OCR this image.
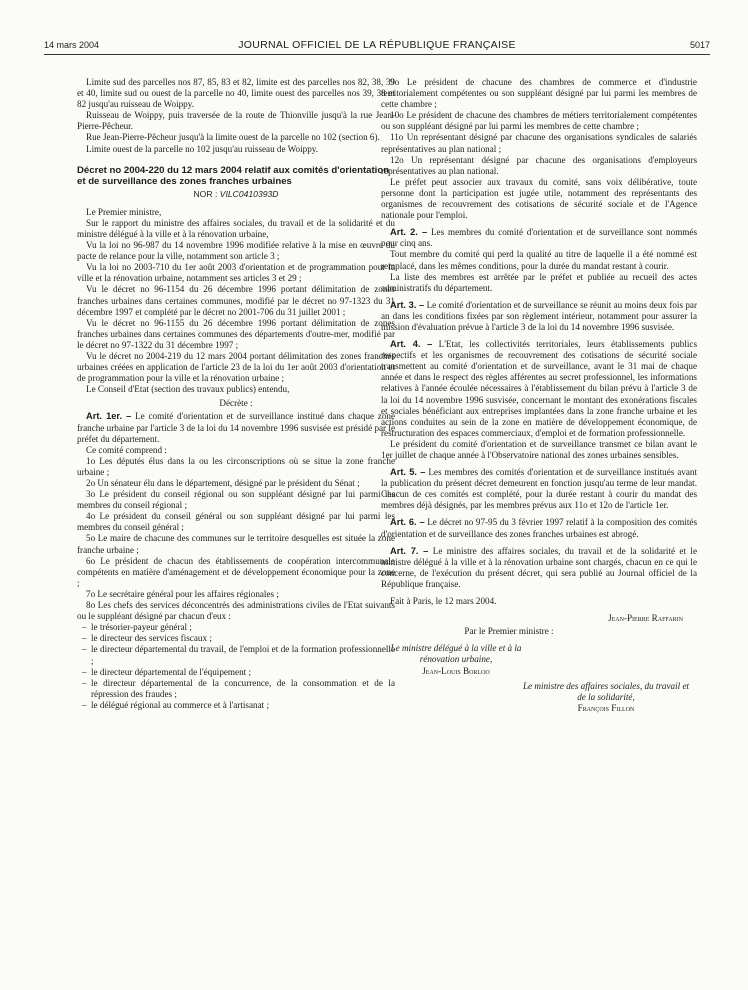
14 mars 2004	JOURNAL OFFICIEL DE LA RÉPUBLIQUE FRANÇAISE	5017

Limite sud des parcelles nos 87, 85, 83 et 82, limite est des parcelles nos 82, 38, 39 et 40, limite sud ou ouest de la parcelle no 40, limite ouest des parcelles nos 39, 38 et 82 jusqu'au ruisseau de Woippy.

Ruisseau de Woippy, puis traversée de la route de Thionville jusqu'à la rue Jean-Pierre-Pêcheur.

Rue Jean-Pierre-Pêcheur jusqu'à la limite ouest de la parcelle no 102 (section 6).

Limite ouest de la parcelle no 102 jusqu'au ruisseau de Woippy.

Décret no 2004-220 du 12 mars 2004 relatif aux comités d'orientation et de surveillance des zones franches urbaines

NOR : VILC0410393D

Le Premier ministre,

Sur le rapport du ministre des affaires sociales, du travail et de la solidarité et du ministre délégué à la ville et à la rénovation urbaine,

Vu la loi no 96-987 du 14 novembre 1996 modifiée relative à la mise en œuvre du pacte de relance pour la ville, notamment son article 3 ;

Vu la loi no 2003-710 du 1er août 2003 d'orientation et de programmation pour la ville et la rénovation urbaine, notamment ses articles 3 et 29 ;

Vu le décret no 96-1154 du 26 décembre 1996 portant délimitation de zones franches urbaines dans certaines communes, modifié par le décret no 97-1323 du 31 décembre 1997 et complété par le décret no 2001-706 du 31 juillet 2001 ;

Vu le décret no 96-1155 du 26 décembre 1996 portant délimitation de zones franches urbaines dans certaines communes des départements d'outre-mer, modifié par le décret no 97-1322 du 31 décembre 1997 ;

Vu le décret no 2004-219 du 12 mars 2004 portant délimitation des zones franches urbaines créées en application de l'article 23 de la loi du 1er août 2003 d'orientation et de programmation pour la ville et la rénovation urbaine ;

Le Conseil d'Etat (section des travaux publics) entendu,

Décrète :

Art. 1er. – Le comité d'orientation et de surveillance institué dans chaque zone franche urbaine par l'article 3 de la loi du 14 novembre 1996 susvisée est présidé par le préfet du département.

Ce comité comprend :

1o Les députés élus dans la ou les circonscriptions où se situe la zone franche urbaine ;

2o Un sénateur élu dans le département, désigné par le président du Sénat ;

3o Le président du conseil régional ou son suppléant désigné par lui parmi les membres du conseil régional ;

4o Le président du conseil général ou son suppléant désigné par lui parmi les membres du conseil général ;

5o Le maire de chacune des communes sur le territoire desquelles est située la zone franche urbaine ;

6o Le président de chacun des établissements de coopération intercommunale compétents en matière d'aménagement et de développement économique pour la zone ;

7o Le secrétaire général pour les affaires régionales ;

8o Les chefs des services déconcentrés des administrations civiles de l'Etat suivants ou le suppléant désigné par chacun d'eux :

– le trésorier-payeur général ;

– le directeur des services fiscaux ;

– le directeur départemental du travail, de l'emploi et de la formation professionnelle ;

– le directeur départemental de l'équipement ;

– le directeur départemental de la concurrence, de la consommation et de la répression des fraudes ;

– le délégué régional au commerce et à l'artisanat ;

9o Le président de chacune des chambres de commerce et d'industrie territorialement compétentes ou son suppléant désigné par lui parmi les membres de cette chambre ;

10o Le président de chacune des chambres de métiers territorialement compétentes ou son suppléant désigné par lui parmi les membres de cette chambre ;

11o Un représentant désigné par chacune des organisations syndicales de salariés représentatives au plan national ;

12o Un représentant désigné par chacune des organisations d'employeurs représentatives au plan national.

Le préfet peut associer aux travaux du comité, sans voix délibérative, toute personne dont la participation est jugée utile, notamment des représentants des organismes de recouvrement des cotisations de sécurité sociale et de l'Agence nationale pour l'emploi.

Art. 2. – Les membres du comité d'orientation et de surveillance sont nommés pour cinq ans.

Tout membre du comité qui perd la qualité au titre de laquelle il a été nommé est remplacé, dans les mêmes conditions, pour la durée du mandat restant à courir.

La liste des membres est arrêtée par le préfet et publiée au recueil des actes administratifs du département.

Art. 3. – Le comité d'orientation et de surveillance se réunit au moins deux fois par an dans les conditions fixées par son règlement intérieur, notamment pour assurer la mission d'évaluation prévue à l'article 3 de la loi du 14 novembre 1996 susvisée.

Art. 4. – L'Etat, les collectivités territoriales, leurs établissements publics respectifs et les organismes de recouvrement des cotisations de sécurité sociale transmettent au comité d'orientation et de surveillance, avant le 31 mai de chaque année et dans le respect des règles afférentes au secret professionnel, les informations relatives à l'année écoulée nécessaires à l'établissement du bilan prévu à l'article 3 de la loi du 14 novembre 1996 susvisée, concernant le montant des exonérations fiscales et sociales bénéficiant aux entreprises implantées dans la zone franche urbaine et les actions conduites au sein de la zone en matière de développement économique, de restructuration des espaces commerciaux, d'emploi et de formation professionnelle.

Le président du comité d'orientation et de surveillance transmet ce bilan avant le 1er juillet de chaque année à l'Observatoire national des zones urbaines sensibles.

Art. 5. – Les membres des comités d'orientation et de surveillance institués avant la publication du présent décret demeurent en fonction jusqu'au terme de leur mandat. Chacun de ces comités est complété, pour la durée restant à courir du mandat des membres déjà désignés, par les membres prévus aux 11o et 12o de l'article 1er.

Art. 6. – Le décret no 97-95 du 3 février 1997 relatif à la composition des comités d'orientation et de surveillance des zones franches urbaines est abrogé.

Art. 7. – Le ministre des affaires sociales, du travail et de la solidarité et le ministre délégué à la ville et à la rénovation urbaine sont chargés, chacun en ce qui le concerne, de l'exécution du présent décret, qui sera publié au Journal officiel de la République française.

Fait à Paris, le 12 mars 2004.

Jean-Pierre Raffarin

Par le Premier ministre :

Le ministre délégué à la ville et à la rénovation urbaine,

Jean-Louis Borloo

Le ministre des affaires sociales, du travail et de la solidarité,

François Fillon
